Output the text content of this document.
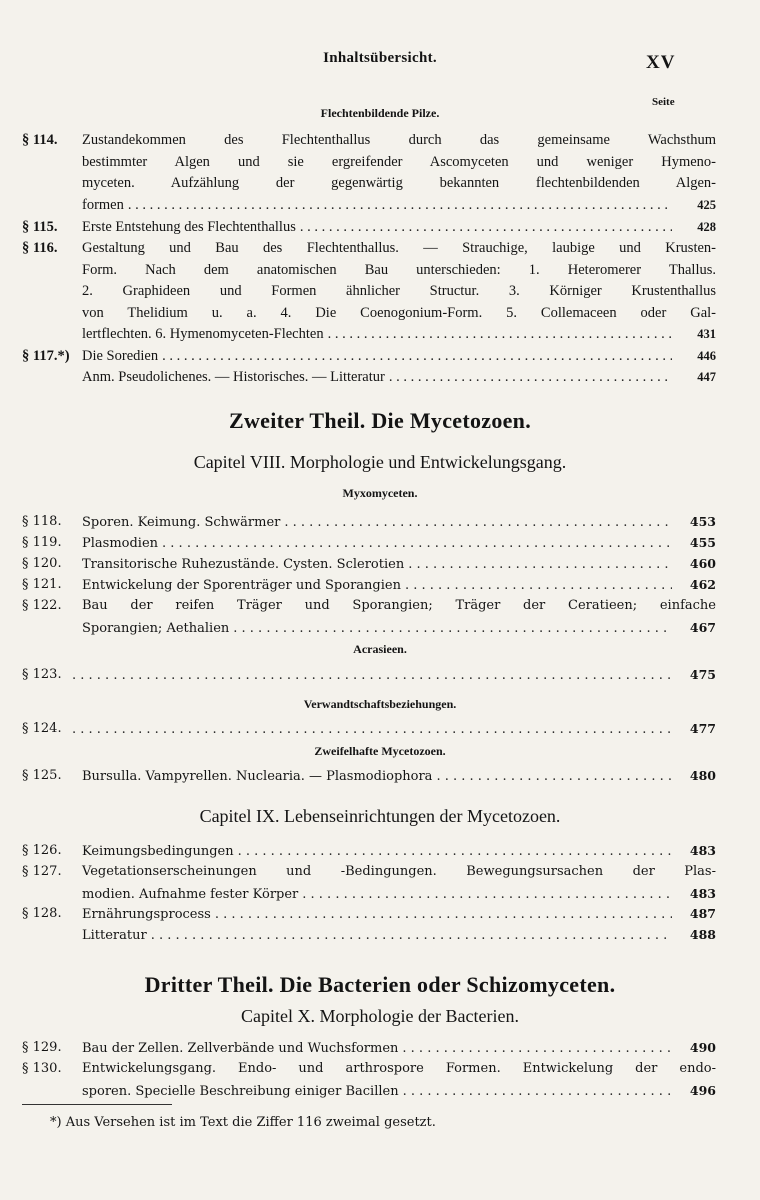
Inhaltsübersicht.	XV
Seite
Flechtenbildende Pilze.
§ 114. Zustandekommen des Flechtenthallus durch das gemeinsame Wachsthum
bestimmter Algen und sie ergreifender Ascomyceten und weniger Hymeno-
myceten. Aufzählung der gegenwärtig bekannten flechtenbildenden Algen-
formen . . .	425
§ 115. Erste Entstehung des Flechtenthallus . . .	428
§ 116. Gestaltung und Bau des Flechtenthallus. — Strauchige, laubige und Krusten-
Form. Nach dem anatomischen Bau unterschieden: 1. Heteromerer Thallus.
2. Graphideen und Formen ähnlicher Structur. 3. Körniger Krustenthallus
von Thelidium u. a. 4. Die Coenogonium-Form. 5. Collemaceen oder Gal-
lertflechten. 6. Hymenomyceten-Flechten . . .	431
§ 117.*) Die Soredien . . .	446
Anm. Pseudolichenes. — Historisches. — Litteratur . . .	447
Zweiter Theil. Die Mycetozoen.
Capitel VIII. Morphologie und Entwickelungsgang.
Myxomyceten.
§ 118. Sporen. Keimung. Schwärmer . . .	453
§ 119. Plasmodien . . .	455
§ 120. Transitorische Ruhezustände. Cysten. Sclerotien . . .	460
§ 121. Entwickelung der Sporenträger und Sporangien . . .	462
§ 122. Bau der reifen Träger und Sporangien; Träger der Ceratieen; einfache
Sporangien; Aethalien . . .	467
Acrasieen.
§ 123. . . .	475
Verwandtschaftsbeziehungen.
§ 124. . . .	477
Zweifelhafte Mycetozoen.
§ 125. Bursulla. Vampyrellen. Nuclearia. — Plasmodiophora . . .	480
Capitel IX. Lebenseinrichtungen der Mycetozoen.
§ 126. Keimungsbedingungen . . .	483
§ 127. Vegetationserscheinungen und -Bedingungen. Bewegungsursachen der Plas-
modien. Aufnahme fester Körper . . .	483
§ 128. Ernährungsprocess . . .	487
Litteratur . . .	488
Dritter Theil. Die Bacterien oder Schizomyceten.
Capitel X. Morphologie der Bacterien.
§ 129. Bau der Zellen. Zellverbände und Wuchsformen . . .	490
§ 130. Entwickelungsgang. Endo- und arthrospore Formen. Entwickelung der endo-
sporen. Specielle Beschreibung einiger Bacillen . . .	496
*) Aus Versehen ist im Text die Ziffer 116 zweimal gesetzt.
